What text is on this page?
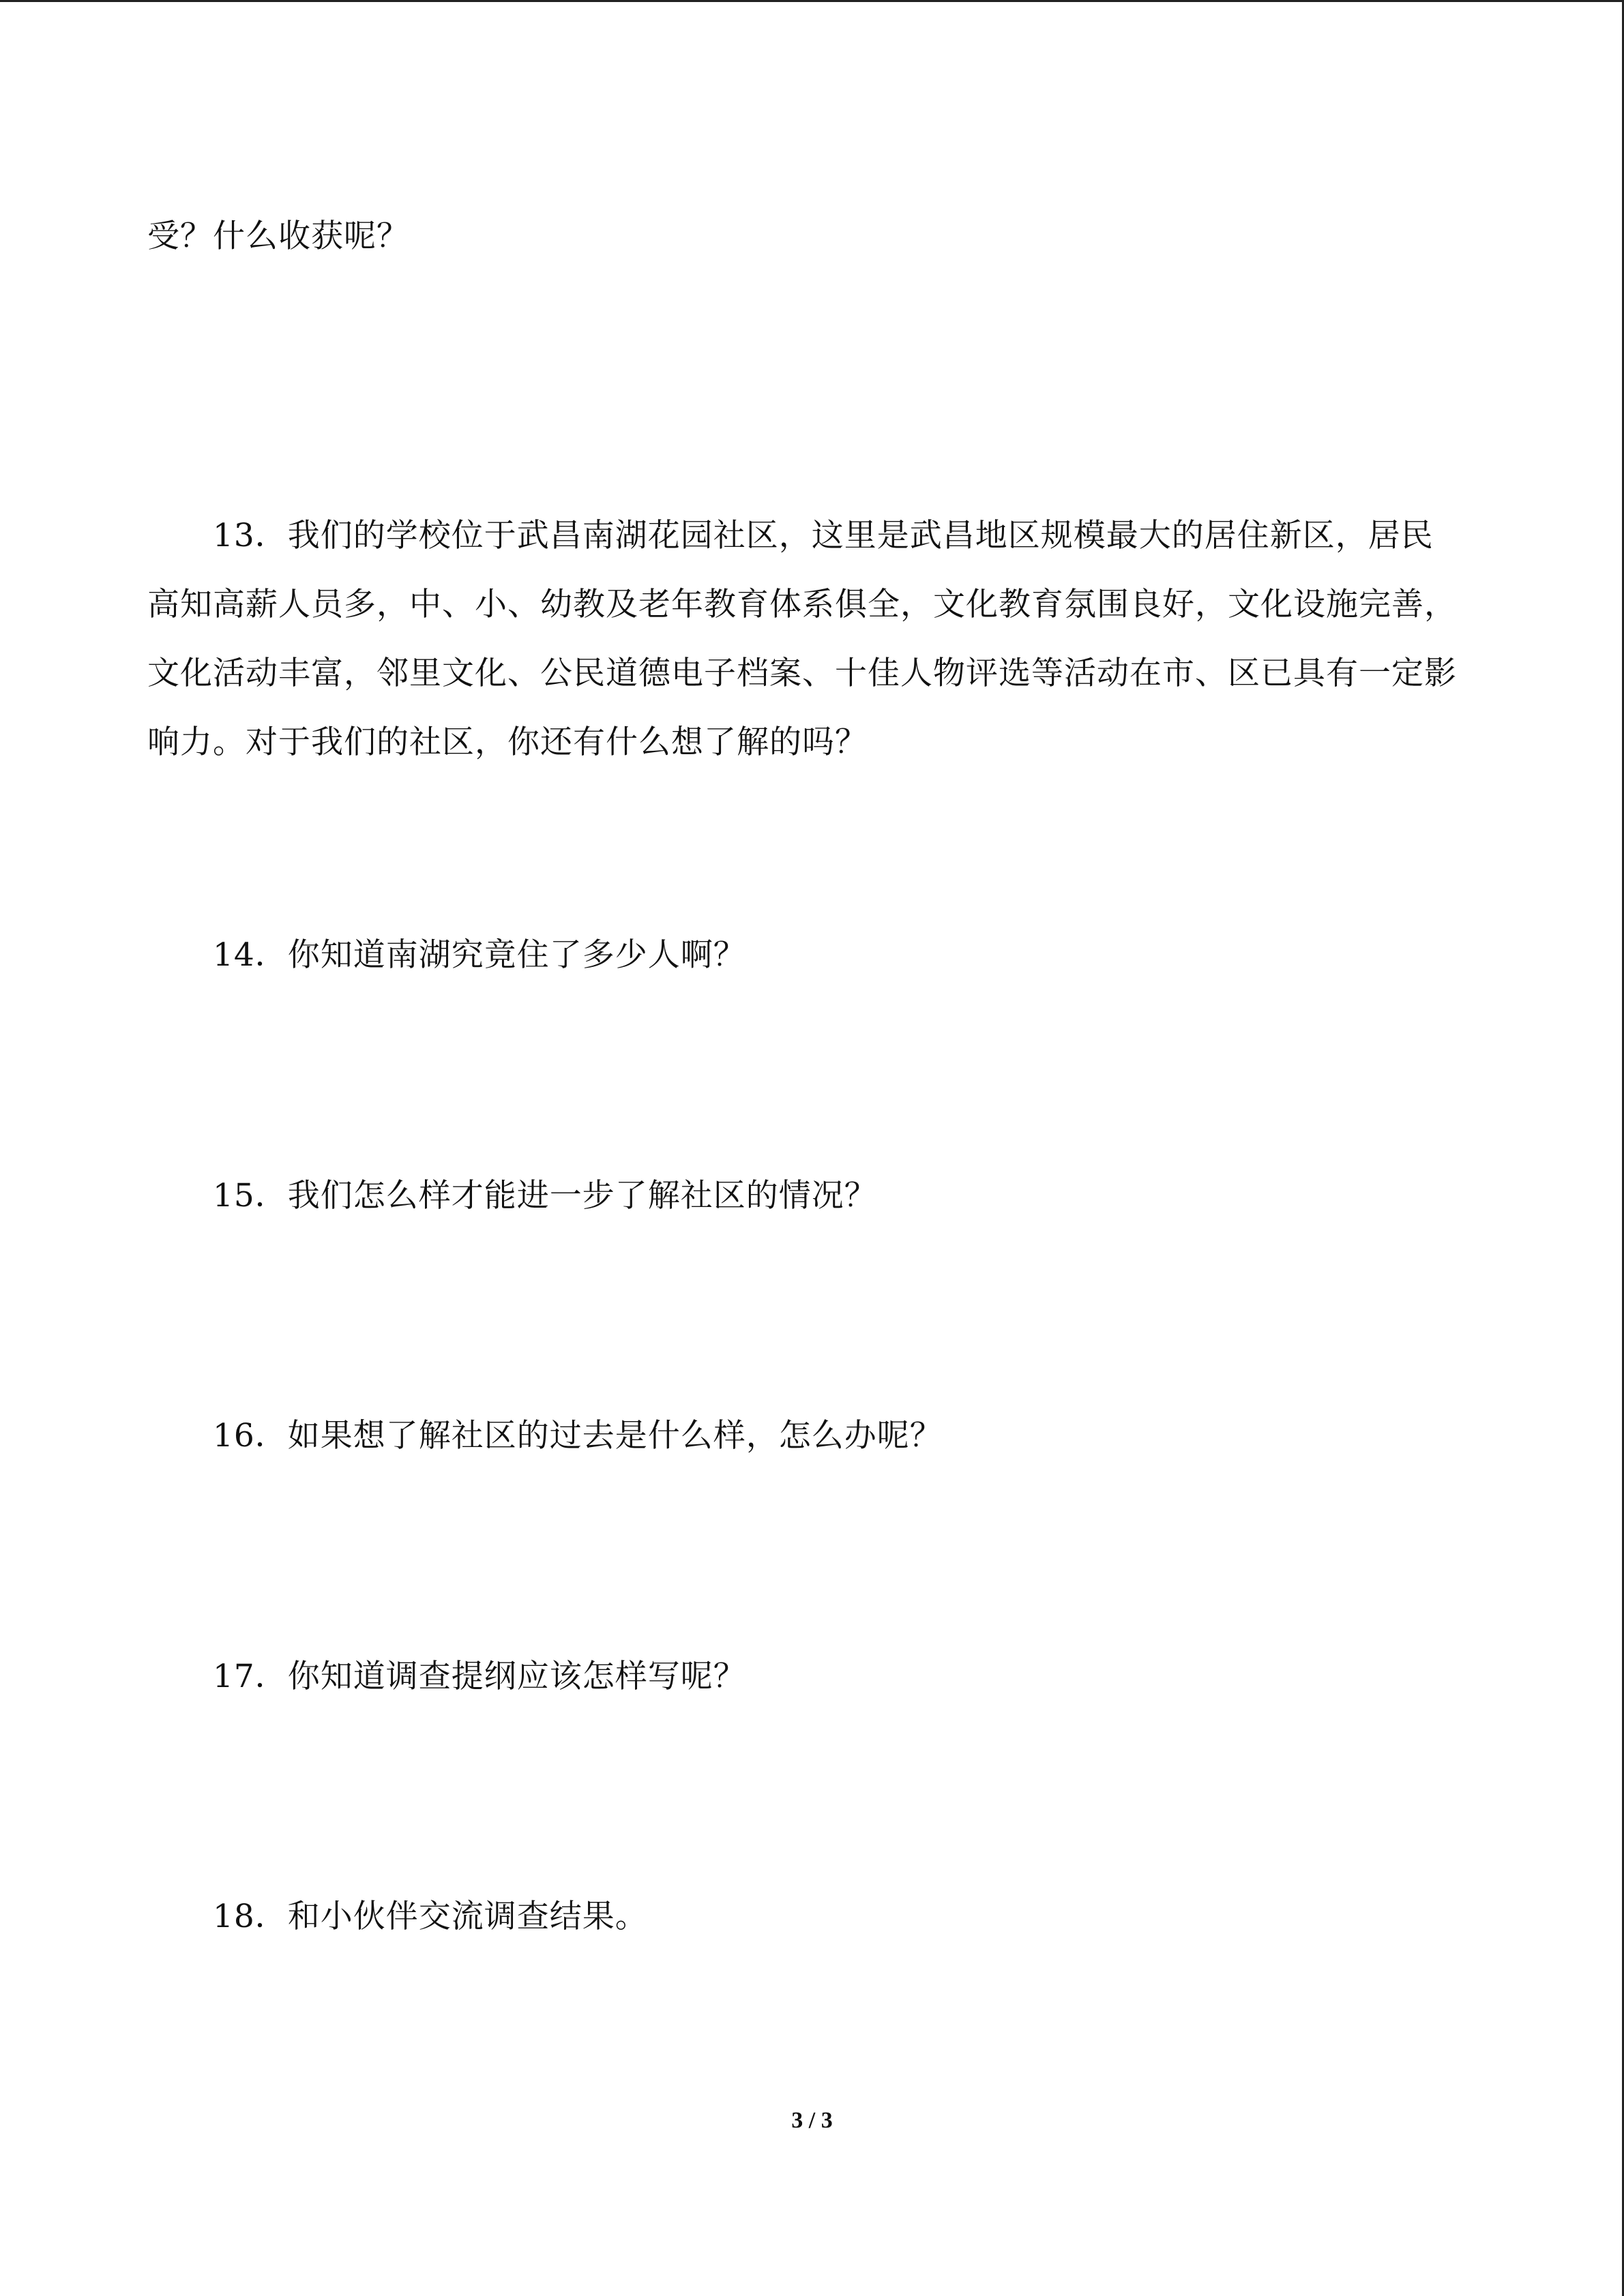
受？什么收获呢？
13．我们的学校位于武昌南湖花园社区，这里是武昌地区规模最大的居住新区，居民高知高薪人员多，中、小、幼教及老年教育体系俱全，文化教育氛围良好，文化设施完善，文化活动丰富，邻里文化、公民道德电子档案、十佳人物评选等活动在市、区已具有一定影响力。对于我们的社区，你还有什么想了解的吗？
14．你知道南湖究竟住了多少人啊？
15．我们怎么样才能进一步了解社区的情况？
16．如果想了解社区的过去是什么样，怎么办呢？
17．你知道调查提纲应该怎样写呢？
18．和小伙伴交流调查结果。
3 / 3
